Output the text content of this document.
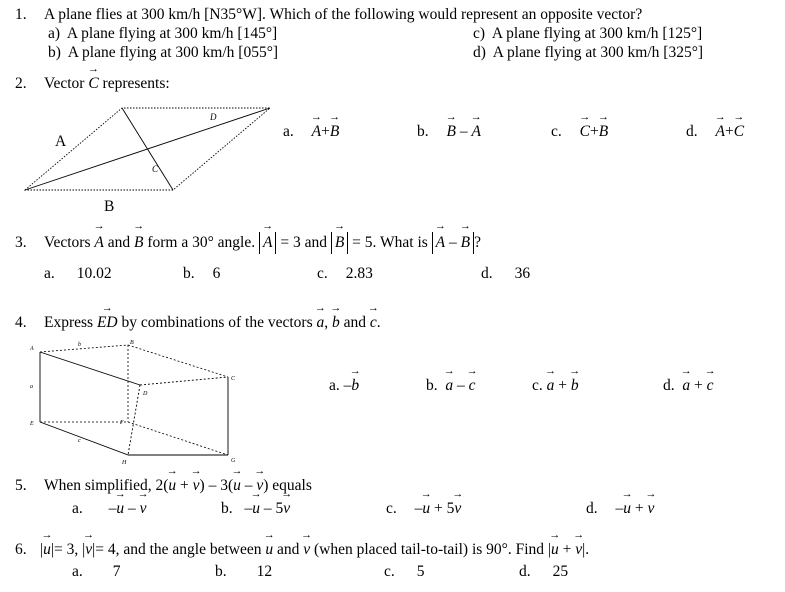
1. A plane flies at 300 km/h [N35°W]. Which of the following would represent an opposite vector?
a)  A plane flying at 300 km/h [145°]
b)  A plane flying at 300 km/h [055°]
c)  A plane flying at 300 km/h [125°]
d)  A plane flying at 300 km/h [325°]
2. Vector → C represents:
D
C
A
B
a. → A+→ B	b. → B – → A	c. → C+→ B	d. → A+→ C
3. Vectors → A and → B form a 30° angle. → A = 3 and → B = 5. What is → A – → B ?
a. 10.02	b. 6	c. 2.83	d. 36
4. Express → ED by combinations of the vectors → a, → b and → c.
A
B
C
D
E	F
H	G
a
b
c
a. –→ b	b. → a – → c	c. → a + → b	d. → a + → c
5. When simplified, 2(→ u + → v) – 3(→ u – → v) equals
a. –→ u – → v	b. –→ u – 5→ v	c. –→ u + 5→ v	d. –→ u + → v
6. |→ u|= 3, |→ v|= 4, and the angle between → u and → v (when placed tail-to-tail) is 90°. Find |→ u + → v|.
a. 7	b. 12	c. 5	d. 25
